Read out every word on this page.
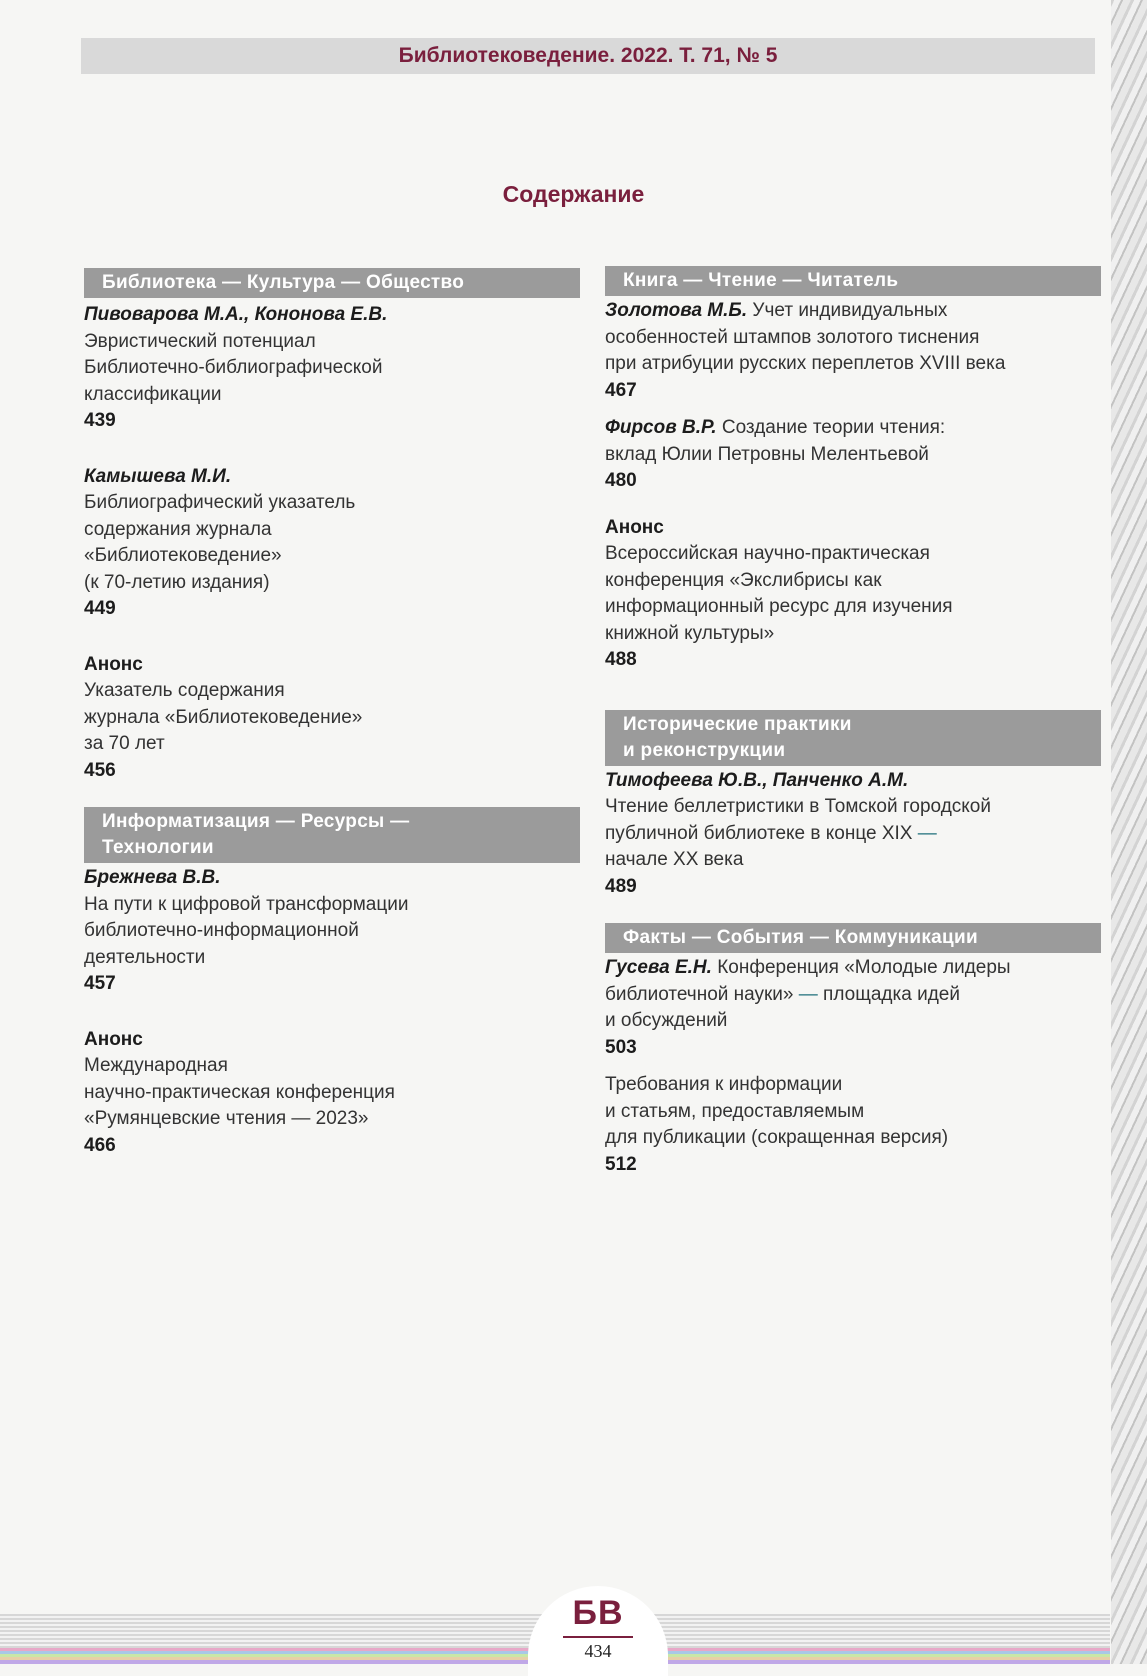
Библиотековедение. 2022. Т. 71, № 5
Содержание
Библиотека — Культура — Общество
Пивоварова М.А., Кононова Е.В.
Эвристический потенциал
Библиотечно-библиографической
классификации
439
Камышева М.И.
Библиографический указатель
содержания журнала
«Библиотековедение»
(к 70-летию издания)
449
Анонс
Указатель содержания
журнала «Библиотековедение»
за 70 лет
456
Информатизация — Ресурсы —
Технологии
Брежнева В.В.
На пути к цифровой трансформации
библиотечно-информационной
деятельности
457
Анонс
Международная
научно-практическая конференция
«Румянцевские чтения — 2023»
466
Книга — Чтение — Читатель
Золотова М.Б. Учет индивидуальных
особенностей штампов золотого тиснения
при атрибуции русских переплетов XVIII века
467
Фирсов В.Р. Создание теории чтения:
вклад Юлии Петровны Мелентьевой
480
Анонс
Всероссийская научно-практическая
конференция «Экслибрисы как
информационный ресурс для изучения
книжной культуры»
488
Исторические практики
и реконструкции
Тимофеева Ю.В., Панченко А.М.
Чтение беллетристики в Томской городской
публичной библиотеке в конце XIX —
начале XX века
489
Факты — События — Коммуникации
Гусева Е.Н. Конференция «Молодые лидеры
библиотечной науки» — площадка идей
и обсуждений
503
Требования к информации
и статьям, предоставляемым
для публикации (сокращенная версия)
512
БВ
434
